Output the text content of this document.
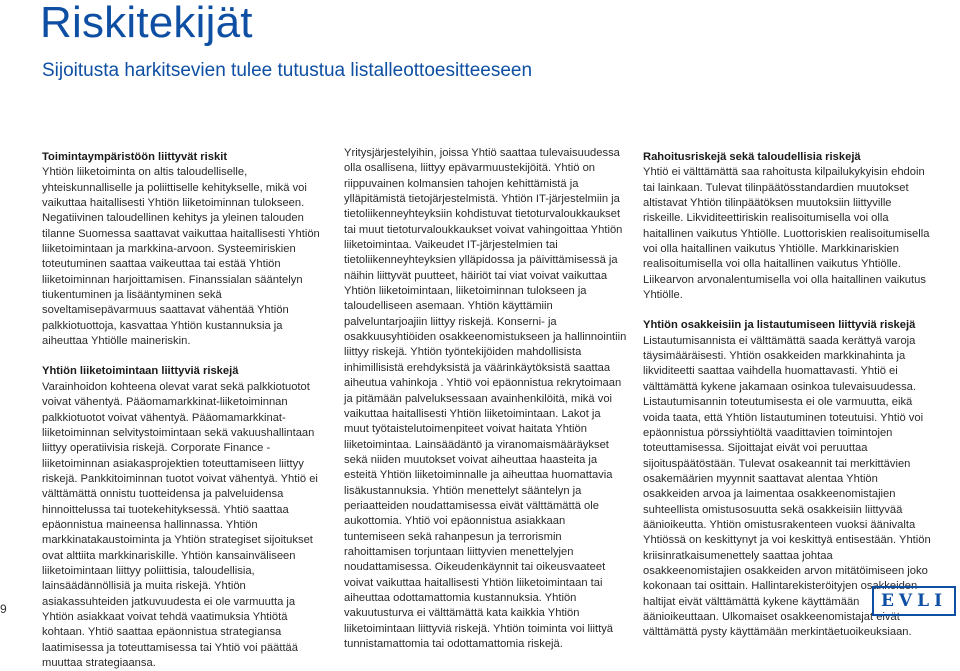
Riskitekijät
Sijoitusta harkitsevien tulee tutustua listalleottoesitteeseen
Toimintaympäristöön liittyvät riskit
Yhtiön liiketoiminta on altis taloudelliselle, yhteiskunnalliselle ja poliittiselle kehitykselle, mikä voi vaikuttaa haitallisesti Yhtiön liiketoiminnan tulokseen. Negatiivinen taloudellinen kehitys ja yleinen talouden tilanne Suomessa saattavat vaikuttaa haitallisesti Yhtiön liiketoimintaan ja markkina-arvoon. Systeemiriskien toteutuminen saattaa vaikeuttaa tai estää Yhtiön liiketoiminnan harjoittamisen. Finanssialan sääntelyn tiukentuminen ja lisääntyminen sekä soveltamisepävarmuus saattavat vähentää Yhtiön palkkiotuottoja, kasvattaa Yhtiön kustannuksia ja aiheuttaa Yhtiölle maineriskin.
Yhtiön liiketoimintaan liittyviä riskejä
Varainhoidon kohteena olevat varat sekä palkkiotuotot voivat vähentyä. Pääomamarkkinat-liiketoiminnan palkkiotuotot voivat vähentyä. Pääomamarkkinat-liiketoiminnan selvitystoimintaan sekä vakuushallintaan liittyy operatiivisia riskejä. Corporate Finance -liiketoiminnan asiakasprojektien toteuttamiseen liittyy riskejä. Pankkitoiminnan tuotot voivat vähentyä. Yhtiö ei välttämättä onnistu tuotteidensa ja palveluidensa hinnoittelussa tai tuotekehityksessä. Yhtiö saattaa epäonnistua maineensa hallinnassa. Yhtiön markkinatakaustoiminta ja Yhtiön strategiset sijoitukset ovat alttiita markkinariskille. Yhtiön kansainväliseen liiketoimintaan liittyy poliittisia, taloudellisia, lainsäädännöllisiä ja muita riskejä. Yhtiön asiakassuhteiden jatkuvuudesta ei ole varmuutta ja Yhtiön asiakkaat voivat tehdä vaatimuksia Yhtiötä kohtaan. Yhtiö saattaa epäonnistua strategiansa laatimisessa ja toteuttamisessa tai Yhtiö voi päättää muuttaa strategiaansa.
Yritysjärjestelyihin, joissa Yhtiö saattaa tulevaisuudessa olla osallisena, liittyy epävarmuustekijöitä. Yhtiö on riippuvainen kolmansien tahojen kehittämistä ja ylläpitämistä tietojärjestelmistä. Yhtiön IT-järjestelmiin ja tietoliikenneyhteyksiin kohdistuvat tietoturvaloukkaukset tai muut tietoturvaloukkaukset voivat vahingoittaa Yhtiön liiketoimintaa. Vaikeudet IT-järjestelmien tai tietoliikenneyhteyksien ylläpidossa ja päivittämisessä ja näihin liittyvät puutteet, häiriöt tai viat voivat vaikuttaa Yhtiön liiketoimintaan, liiketoiminnan tulokseen ja taloudelliseen asemaan. Yhtiön käyttämiin palveluntarjoajiin liittyy riskejä. Konserni- ja osakkuusyhtiöiden osakkeenomistukseen ja hallinnointiin liittyy riskejä. Yhtiön työntekijöiden mahdollisista inhimillisistä erehdyksistä ja väärinkäytöksistä saattaa aiheutua vahinkoja . Yhtiö voi epäonnistua rekrytoimaan ja pitämään palveluksessaan avainhenkilöitä, mikä voi vaikuttaa haitallisesti Yhtiön liiketoimintaan. Lakot ja muut työtaistelutoimenpiteet voivat haitata Yhtiön liiketoimintaa. Lainsäädäntö ja viranomaismääräykset sekä niiden muutokset voivat aiheuttaa haasteita ja esteitä Yhtiön liiketoiminnalle ja aiheuttaa huomattavia lisäkustannuksia. Yhtiön menettelyt sääntelyn ja periaatteiden noudattamisessa eivät välttämättä ole aukottomia. Yhtiö voi epäonnistua asiakkaan tuntemiseen sekä rahanpesun ja terrorismin rahoittamisen torjuntaan liittyvien menettelyjen noudattamisessa. Oikeudenkäynnit tai oikeusvaateet voivat vaikuttaa haitallisesti Yhtiön liiketoimintaan tai aiheuttaa odottamattomia kustannuksia. Yhtiön vakuutusturva ei välttämättä kata kaikkia Yhtiön liiketoimintaan liittyviä riskejä. Yhtiön toiminta voi liittyä tunnistamattomia tai odottamattomia riskejä.
Rahoitusriskejä sekä taloudellisia riskejä
Yhtiö ei välttämättä saa rahoitusta kilpailukykyisin ehdoin tai lainkaan. Tulevat tilinpäätösstandardien muutokset altistavat Yhtiön tilinpäätöksen muutoksiin liittyville riskeille. Likviditeettiriskin realisoitumisella voi olla haitallinen vaikutus Yhtiölle. Luottoriskien realisoitumisella voi olla haitallinen vaikutus Yhtiölle. Markkinariskien realisoitumisella voi olla haitallinen vaikutus Yhtiölle. Liikearvon arvonalentumisella voi olla haitallinen vaikutus Yhtiölle.
Yhtiön osakkeisiin ja listautumiseen liittyviä riskejä
Listautumisannista ei välttämättä saada kerättyä varoja täysimääräisesti. Yhtiön osakkeiden markkinahinta ja likviditeetti saattaa vaihdella huomattavasti. Yhtiö ei välttämättä kykene jakamaan osinkoa tulevaisuudessa. Listautumisannin toteutumisesta ei ole varmuutta, eikä voida taata, että Yhtiön listautuminen toteutuisi. Yhtiö voi epäonnistua pörssiyhtiöltä vaadittavien toimintojen toteuttamisessa. Sijoittajat eivät voi peruuttaa sijoituspäätöstään. Tulevat osakeannit tai merkittävien osakemäärien myynnit saattavat alentaa Yhtiön osakkeiden arvoa ja laimentaa osakkeenomistajien suhteellista omistusosuutta sekä osakkeisiin liittyvää äänioikeutta. Yhtiön omistusrakenteen vuoksi äänivalta Yhtiössä on keskittynyt ja voi keskittyä entisestään. Yhtiön kriisinratkaisumenettely saattaa johtaa osakkeenomistajien osakkeiden arvon mitätöimiseen joko kokonaan tai osittain. Hallintarekisteröityjen osakkeiden haltijat eivät välttämättä kykene käyttämään äänioikeuttaan. Ulkomaiset osakkeenomistajat eivät välttämättä pysty käyttämään merkintäetuoikeuksiaan.
9	EVLI
